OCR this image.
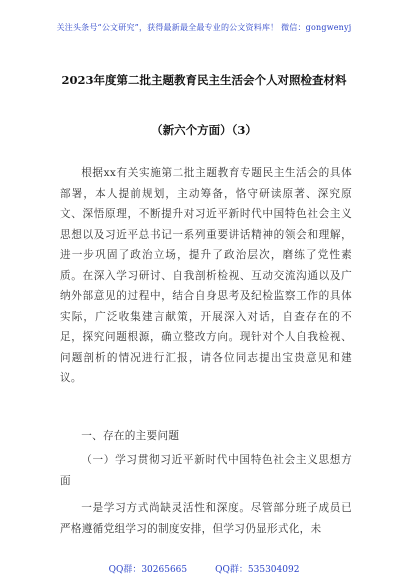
关注头条号“公文研究”，获得最新最全最专业的公文资料库！ 微信：gongwenyj
2023年度第二批主题教育民主生活会个人对照检查材料
（新六个方面）（3）

根据xx有关实施第二批主题教育专题民主生活会的具体部署，本人提前规划，主动筹备，恪守研读原著、深究原文、深悟原理，不断提升对习近平新时代中国特色社会主义思想以及习近平总书记一系列重要讲话精神的领会和理解，进一步巩固了政治立场，提升了政治层次，磨练了党性素质。在深入学习研讨、自我剖析检视、互动交流沟通以及广纳外部意见的过程中，结合自身思考及纪检监察工作的具体实际，广泛收集建言献策，开展深入对话，自查存在的不足，探究问题根源，确立整改方向。现针对个人自我检视、问题剖析的情况进行汇报，请各位同志提出宝贵意见和建议。

一、存在的主要问题
（一）学习贯彻习近平新时代中国特色社会主义思想方面

一是学习方式尚缺灵活性和深度。尽管部分班子成员已严格遵循党组学习的制度安排，但学习仍显形式化，未

QQ群：30265665	QQ群：535304092
